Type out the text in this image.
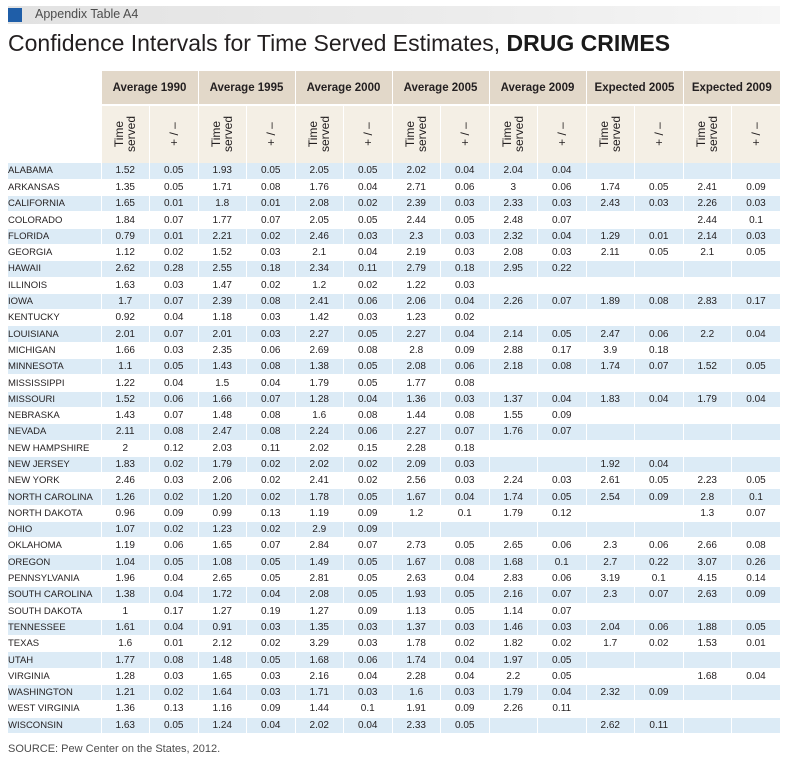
Appendix Table A4
Confidence Intervals for Time Served Estimates, DRUG CRIMES
	Average 1990		Average 1995		Average 2000		Average 2005		Average 2009		Expected 2005		Expected 2009	

	Time
served	+ / –	Time
served	+ / –	Time
served	+ / –	Time
served	+ / –	Time
served	+ / –	Time
served	+ / –	Time
served	+ / –
ALABAMA	1.52	0.05	1.93	0.05	2.05	0.05	2.02	0.04	2.04	0.04				
ARKANSAS	1.35	0.05	1.71	0.08	1.76	0.04	2.71	0.06	3	0.06	1.74	0.05	2.41	0.09
CALIFORNIA	1.65	0.01	1.8	0.01	2.08	0.02	2.39	0.03	2.33	0.03	2.43	0.03	2.26	0.03
COLORADO	1.84	0.07	1.77	0.07	2.05	0.05	2.44	0.05	2.48	0.07			2.44	0.1
FLORIDA	0.79	0.01	2.21	0.02	2.46	0.03	2.3	0.03	2.32	0.04	1.29	0.01	2.14	0.03
GEORGIA	1.12	0.02	1.52	0.03	2.1	0.04	2.19	0.03	2.08	0.03	2.11	0.05	2.1	0.05
HAWAII	2.62	0.28	2.55	0.18	2.34	0.11	2.79	0.18	2.95	0.22				
ILLINOIS	1.63	0.03	1.47	0.02	1.2	0.02	1.22	0.03						
IOWA	1.7	0.07	2.39	0.08	2.41	0.06	2.06	0.04	2.26	0.07	1.89	0.08	2.83	0.17
KENTUCKY	0.92	0.04	1.18	0.03	1.42	0.03	1.23	0.02						
LOUISIANA	2.01	0.07	2.01	0.03	2.27	0.05	2.27	0.04	2.14	0.05	2.47	0.06	2.2	0.04
MICHIGAN	1.66	0.03	2.35	0.06	2.69	0.08	2.8	0.09	2.88	0.17	3.9	0.18		
MINNESOTA	1.1	0.05	1.43	0.08	1.38	0.05	2.08	0.06	2.18	0.08	1.74	0.07	1.52	0.05
MISSISSIPPI	1.22	0.04	1.5	0.04	1.79	0.05	1.77	0.08						
MISSOURI	1.52	0.06	1.66	0.07	1.28	0.04	1.36	0.03	1.37	0.04	1.83	0.04	1.79	0.04
NEBRASKA	1.43	0.07	1.48	0.08	1.6	0.08	1.44	0.08	1.55	0.09				
NEVADA	2.11	0.08	2.47	0.08	2.24	0.06	2.27	0.07	1.76	0.07				
NEW HAMPSHIRE	2	0.12	2.03	0.11	2.02	0.15	2.28	0.18						
NEW JERSEY	1.83	0.02	1.79	0.02	2.02	0.02	2.09	0.03			1.92	0.04		
NEW YORK	2.46	0.03	2.06	0.02	2.41	0.02	2.56	0.03	2.24	0.03	2.61	0.05	2.23	0.05
NORTH CAROLINA	1.26	0.02	1.20	0.02	1.78	0.05	1.67	0.04	1.74	0.05	2.54	0.09	2.8	0.1
NORTH DAKOTA	0.96	0.09	0.99	0.13	1.19	0.09	1.2	0.1	1.79	0.12			1.3	0.07
OHIO	1.07	0.02	1.23	0.02	2.9	0.09								
OKLAHOMA	1.19	0.06	1.65	0.07	2.84	0.07	2.73	0.05	2.65	0.06	2.3	0.06	2.66	0.08
OREGON	1.04	0.05	1.08	0.05	1.49	0.05	1.67	0.08	1.68	0.1	2.7	0.22	3.07	0.26
PENNSYLVANIA	1.96	0.04	2.65	0.05	2.81	0.05	2.63	0.04	2.83	0.06	3.19	0.1	4.15	0.14
SOUTH CAROLINA	1.38	0.04	1.72	0.04	2.08	0.05	1.93	0.05	2.16	0.07	2.3	0.07	2.63	0.09
SOUTH DAKOTA	1	0.17	1.27	0.19	1.27	0.09	1.13	0.05	1.14	0.07				
TENNESSEE	1.61	0.04	0.91	0.03	1.35	0.03	1.37	0.03	1.46	0.03	2.04	0.06	1.88	0.05
TEXAS	1.6	0.01	2.12	0.02	3.29	0.03	1.78	0.02	1.82	0.02	1.7	0.02	1.53	0.01
UTAH	1.77	0.08	1.48	0.05	1.68	0.06	1.74	0.04	1.97	0.05				
VIRGINIA	1.28	0.03	1.65	0.03	2.16	0.04	2.28	0.04	2.2	0.05			1.68	0.04
WASHINGTON	1.21	0.02	1.64	0.03	1.71	0.03	1.6	0.03	1.79	0.04	2.32	0.09		
WEST VIRGINIA	1.36	0.13	1.16	0.09	1.44	0.1	1.91	0.09	2.26	0.11				
WISCONSIN	1.63	0.05	1.24	0.04	2.02	0.04	2.33	0.05			2.62	0.11		
SOURCE: Pew Center on the States, 2012.
